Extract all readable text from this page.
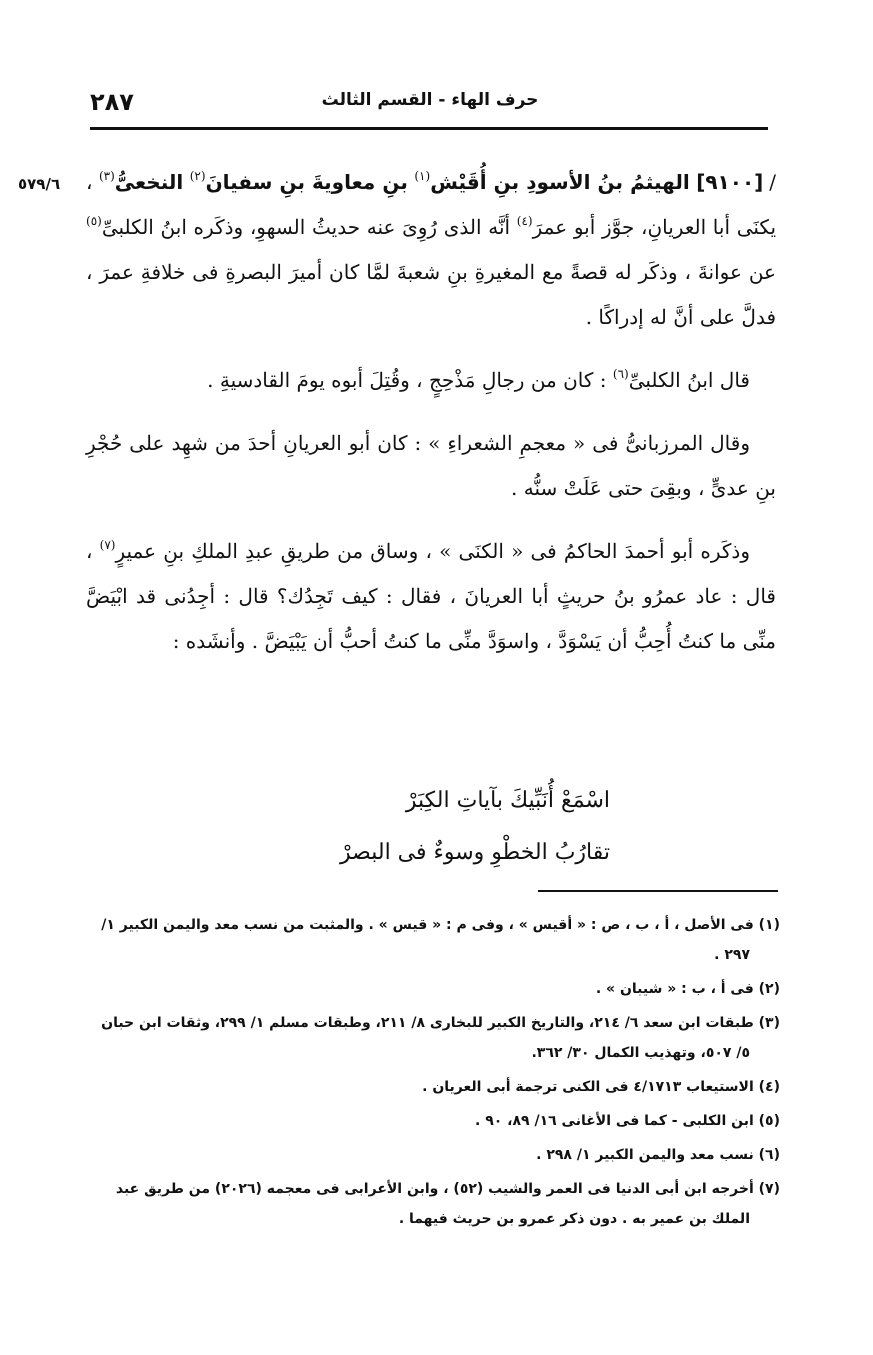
٢٨٧	حرف الهاء - القسم الثالث
٥٧٩/٦	/[٩١٠٠] الهيثمُ بنُ الأسودِ بنِ أُقَيْش$^{(١)}$ بنِ معاويةَ بنِ سفيانَ$^{(٢)}$ النخعىُّ$^{(٣)}$ ، يكنَى أبا العريانِ، جوَّز أبو عمرَ$^{(٤)}$ أنَّه الذى رُوِىَ عنه حديثُ السهوِ، وذكَره ابنُ الكلبىِّ$^{(٥)}$ عن عوانةَ ، وذكَر له قصةً مع المغيرةِ بنِ شعبةَ لمَّا كان أميرَ البصرةِ فى خلافةِ عمرَ ، فدلَّ على أنَّ له إدراكًا .

قال ابنُ الكلبىِّ$^{(٦)}$ : كان من رجالِ مَذْحِجٍ ، وقُتِلَ أبوه يومَ القادسيةِ .

وقال المرزبانىُّ فى « معجمِ الشعراءِ » : كان أبو العريانِ أحدَ من شهِد على حُجْرِ بنِ عدىٍّ ، وبقِىَ حتى عَلَتْ سنُّه .

وذكَره أبو أحمدَ الحاكمُ فى « الكنَى » ، وساق من طريقِ عبدِ الملكِ بنِ عميرٍ$^{(٧)}$ ، قال : عاد عمرُو بنُ حريثٍ أبا العريانَ ، فقال : كيف تَجِدُك؟ قال : أجِدُنى قد ابْيَضَّ منِّى ما كنتُ أُحِبُّ أن يَسْوَدَّ ، واسوَدَّ منِّى ما كنتُ أحبُّ أن يَبْيَضَّ . وأنشَده :

اسْمَعْ أُنَبِّيكَ بآياتِ الكِبَرْ
تقارُبُ الخطْوِ وسوءٌ فى البصرْ
(١) فى الأصل ، أ ، ب ، ص : « أقيس » ، وفى م : « قيس » . والمثبت من نسب معد واليمن الكبير ١/ ٢٩٧ .
(٢) فى أ ، ب : « شيبان » .
(٣) طبقات ابن سعد ٦/ ٢١٤، والتاريخ الكبير للبخارى ٨/ ٢١١، وطبقات مسلم ١/ ٢٩٩، وثقات ابن حبان ٥/ ٥٠٧، وتهذيب الكمال ٣٠/ ٣٦٢.
(٤) الاستيعاب ٤/١٧١٣ فى الكنى ترجمة أبى العريان .
(٥) ابن الكلبى - كما فى الأغانى ١٦/ ٨٩، ٩٠ .
(٦) نسب معد واليمن الكبير ١/ ٢٩٨ .
(٧) أخرجه ابن أبى الدنيا فى العمر والشيب (٥٢) ، وابن الأعرابى فى معجمه (٢٠٢٦) من طريق عبد الملك بن عمير به . دون ذكر عمرو بن حريث فيهما .
